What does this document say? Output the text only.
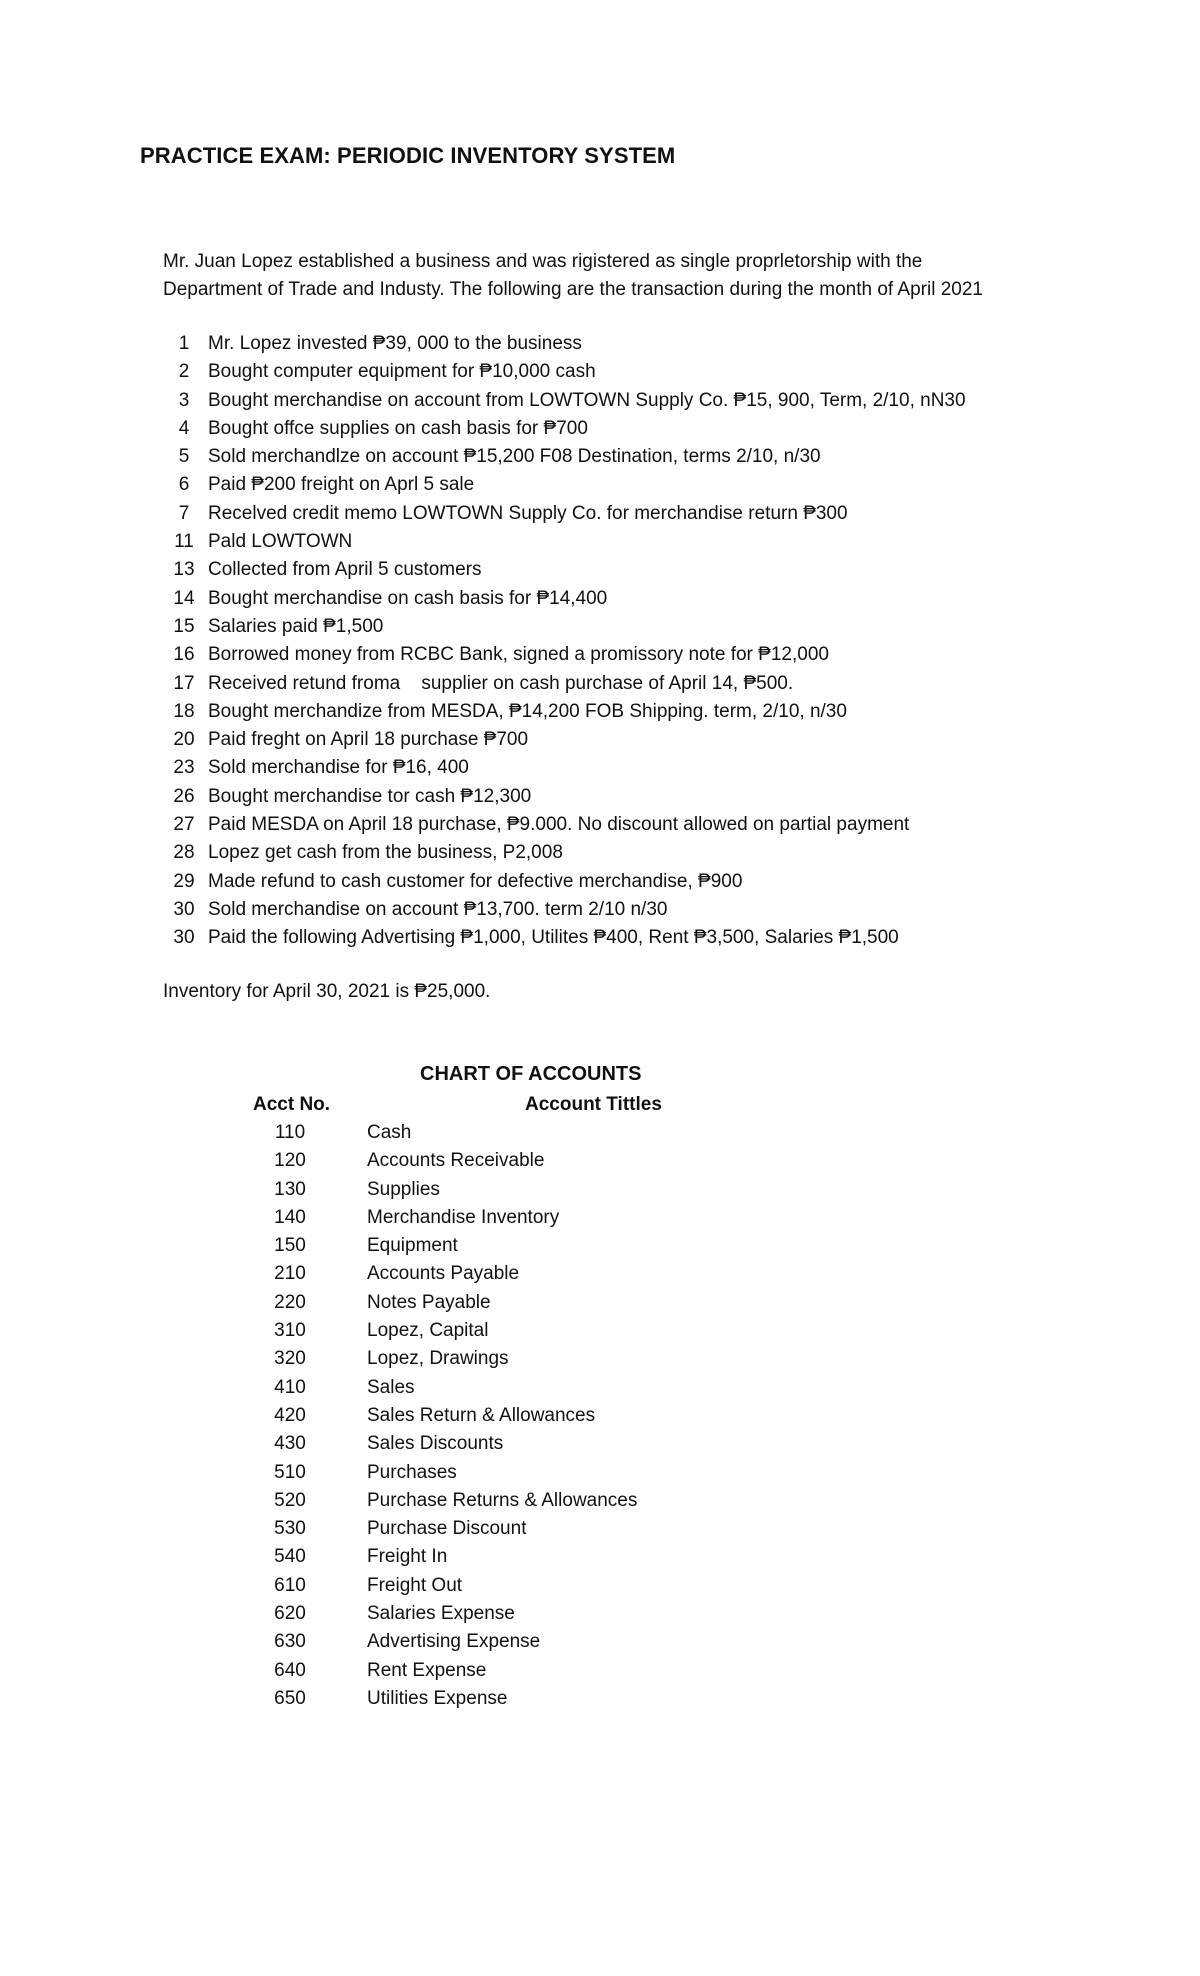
PRACTICE EXAM: PERIODIC INVENTORY SYSTEM
Mr. Juan Lopez established a business and was rigistered as single proprletorship with the Department of Trade and Industy. The following are the transaction during the month of April 2021
1 Mr. Lopez invested ₱39, 000 to the business
2 Bought computer equipment for ₱10,000 cash
3 Bought merchandise on account from LOWTOWN Supply Co. ₱15, 900, Term, 2/10, nN30
4 Bought offce supplies on cash basis for ₱700
5 Sold merchandlze on account ₱15,200 F08 Destination, terms 2/10, n/30
6 Paid ₱200 freight on Aprl 5 sale
7 Recelved credit memo LOWTOWN Supply Co. for merchandise return ₱300
11 Pald LOWTOWN
13 Collected from April 5 customers
14 Bought merchandise on cash basis for ₱14,400
15 Salaries paid ₱1,500
16 Borrowed money from RCBC Bank, signed a promissory note for ₱12,000
17 Received retund froma    supplier on cash purchase of April 14, ₱500.
18 Bought merchandize from MESDA, ₱14,200 FOB Shipping. term, 2/10, n/30
20 Paid freght on April 18 purchase ₱700
23 Sold merchandise for ₱16, 400
26 Bought merchandise tor cash ₱12,300
27 Paid MESDA on April 18 purchase, ₱9.000. No discount allowed on partial payment
28 Lopez get cash from the business, P2,008
29 Made refund to cash customer for defective merchandise, ₱900
30 Sold merchandise on account ₱13,700. term 2/10 n/30
30 Paid the following Advertising ₱1,000, Utilites ₱400, Rent ₱3,500, Salaries ₱1,500
Inventory for April 30, 2021 is ₱25,000.
CHART OF ACCOUNTS
Acct No.	Account Tittles
110	Cash
120	Accounts Receivable
130	Supplies
140	Merchandise Inventory
150	Equipment
210	Accounts Payable
220	Notes Payable
310	Lopez, Capital
320	Lopez, Drawings
410	Sales
420	Sales Return & Allowances
430	Sales Discounts
510	Purchases
520	Purchase Returns & Allowances
530	Purchase Discount
540	Freight In
610	Freight Out
620	Salaries Expense
630	Advertising Expense
640	Rent Expense
650	Utilities Expense
